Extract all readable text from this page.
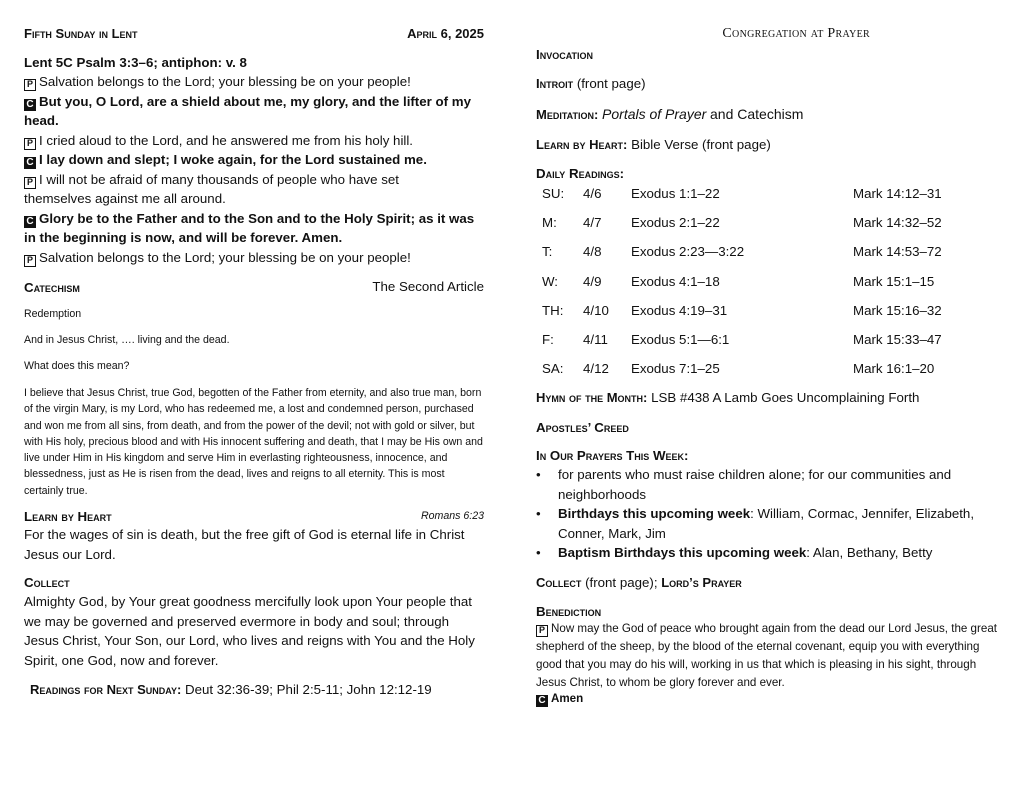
Fifth Sunday in Lent	April 6, 2025
Lent 5C Psalm 3:3–6; antiphon: v. 8
P Salvation belongs to the Lord; your blessing be on your people!
C But you, O Lord, are a shield about me, my glory, and the lifter of my
head.
P I cried aloud to the Lord, and he answered me from his holy hill.
C I lay down and slept; I woke again, for the Lord sustained me.
P I will not be afraid of many thousands of people who have set
themselves against me all around.
C Glory be to the Father and to the Son and to the Holy Spirit; as it was
in the beginning is now, and will be forever. Amen.
P Salvation belongs to the Lord; your blessing be on your people!
Catechism	The Second Article
Redemption
And in Jesus Christ, …. living and the dead.
What does this mean?
I believe that Jesus Christ, true God, begotten of the Father from eternity, and also true man, born of the virgin Mary, is my Lord, who has redeemed me, a lost and condemned person, purchased and won me from all sins, from death, and from the power of the devil; not with gold or silver, but with His holy, precious blood and with His innocent suffering and death, that I may be His own and live under Him in His kingdom and serve Him in everlasting righteousness, innocence, and blessedness, just as He is risen from the dead, lives and reigns to all eternity. This is most certainly true.
Learn by Heart	Romans 6:23
For the wages of sin is death, but the free gift of God is eternal life in Christ Jesus our Lord.
Collect
Almighty God, by Your great goodness mercifully look upon Your people that we may be governed and preserved evermore in body and soul; through Jesus Christ, Your Son, our Lord, who lives and reigns with You and the Holy Spirit, one God, now and forever.
Readings for Next Sunday: Deut 32:36-39; Phil 2:5-11; John 12:12-19
Congregation at Prayer
Invocation
Introit (front page)
Meditation: Portals of Prayer and Catechism
Learn by Heart: Bible Verse (front page)
Daily Readings:
SU:	4/6	Exodus 1:1–22	Mark 14:12–31
M:	4/7	Exodus 2:1–22	Mark 14:32–52
T:	4/8	Exodus 2:23—3:22	Mark 14:53–72
W:	4/9	Exodus 4:1–18	Mark 15:1–15
TH:	4/10	Exodus 4:19–31	Mark 15:16–32
F:	4/11	Exodus 5:1—6:1	Mark 15:33–47
SA:	4/12	Exodus 7:1–25	Mark 16:1–20
Hymn of the Month: LSB #438 A Lamb Goes Uncomplaining Forth
Apostles’ Creed
In Our Prayers This Week:
• for parents who must raise children alone; for our communities and neighborhoods
• Birthdays this upcoming week: William, Cormac, Jennifer, Elizabeth, Conner, Mark, Jim
• Baptism Birthdays this upcoming week: Alan, Bethany, Betty
Collect (front page); Lord’s Prayer
Benediction
P Now may the God of peace who brought again from the dead our Lord Jesus, the great shepherd of the sheep, by the blood of the eternal covenant, equip you with everything good that you may do his will, working in us that which is pleasing in his sight, through Jesus Christ, to whom be glory forever and ever.
C Amen
